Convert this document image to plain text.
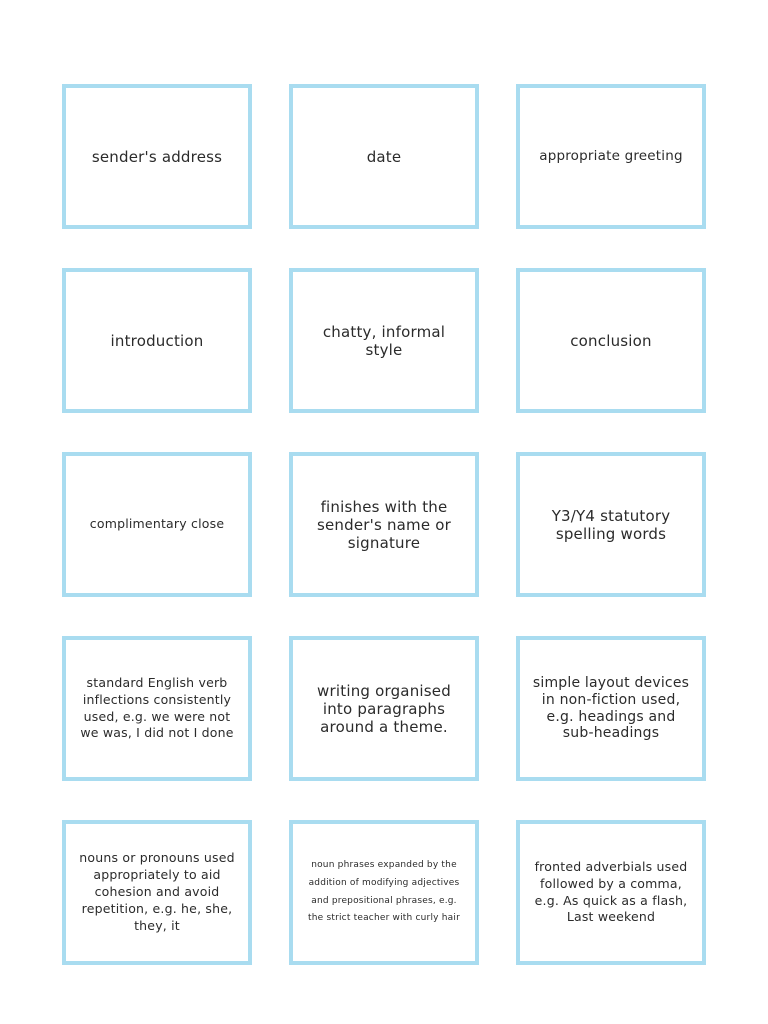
sender's address	date	appropriate greeting
introduction	chatty, informal style	conclusion
complimentary close
finishes with the sender's name or signature
Y3/Y4 statutory spelling words
standard English verb inflections consistently used, e.g. we were not we was, I did not I done
writing organised into paragraphs around a theme.
simple layout devices in non-fiction used, e.g. headings and sub-headings
nouns or pronouns used appropriately to aid cohesion and avoid repetition, e.g. he, she, they, it
noun phrases expanded by the addition of modifying adjectives and prepositional phrases, e.g. the strict teacher with curly hair
fronted adverbials used followed by a comma, e.g. As quick as a flash, Last weekend
